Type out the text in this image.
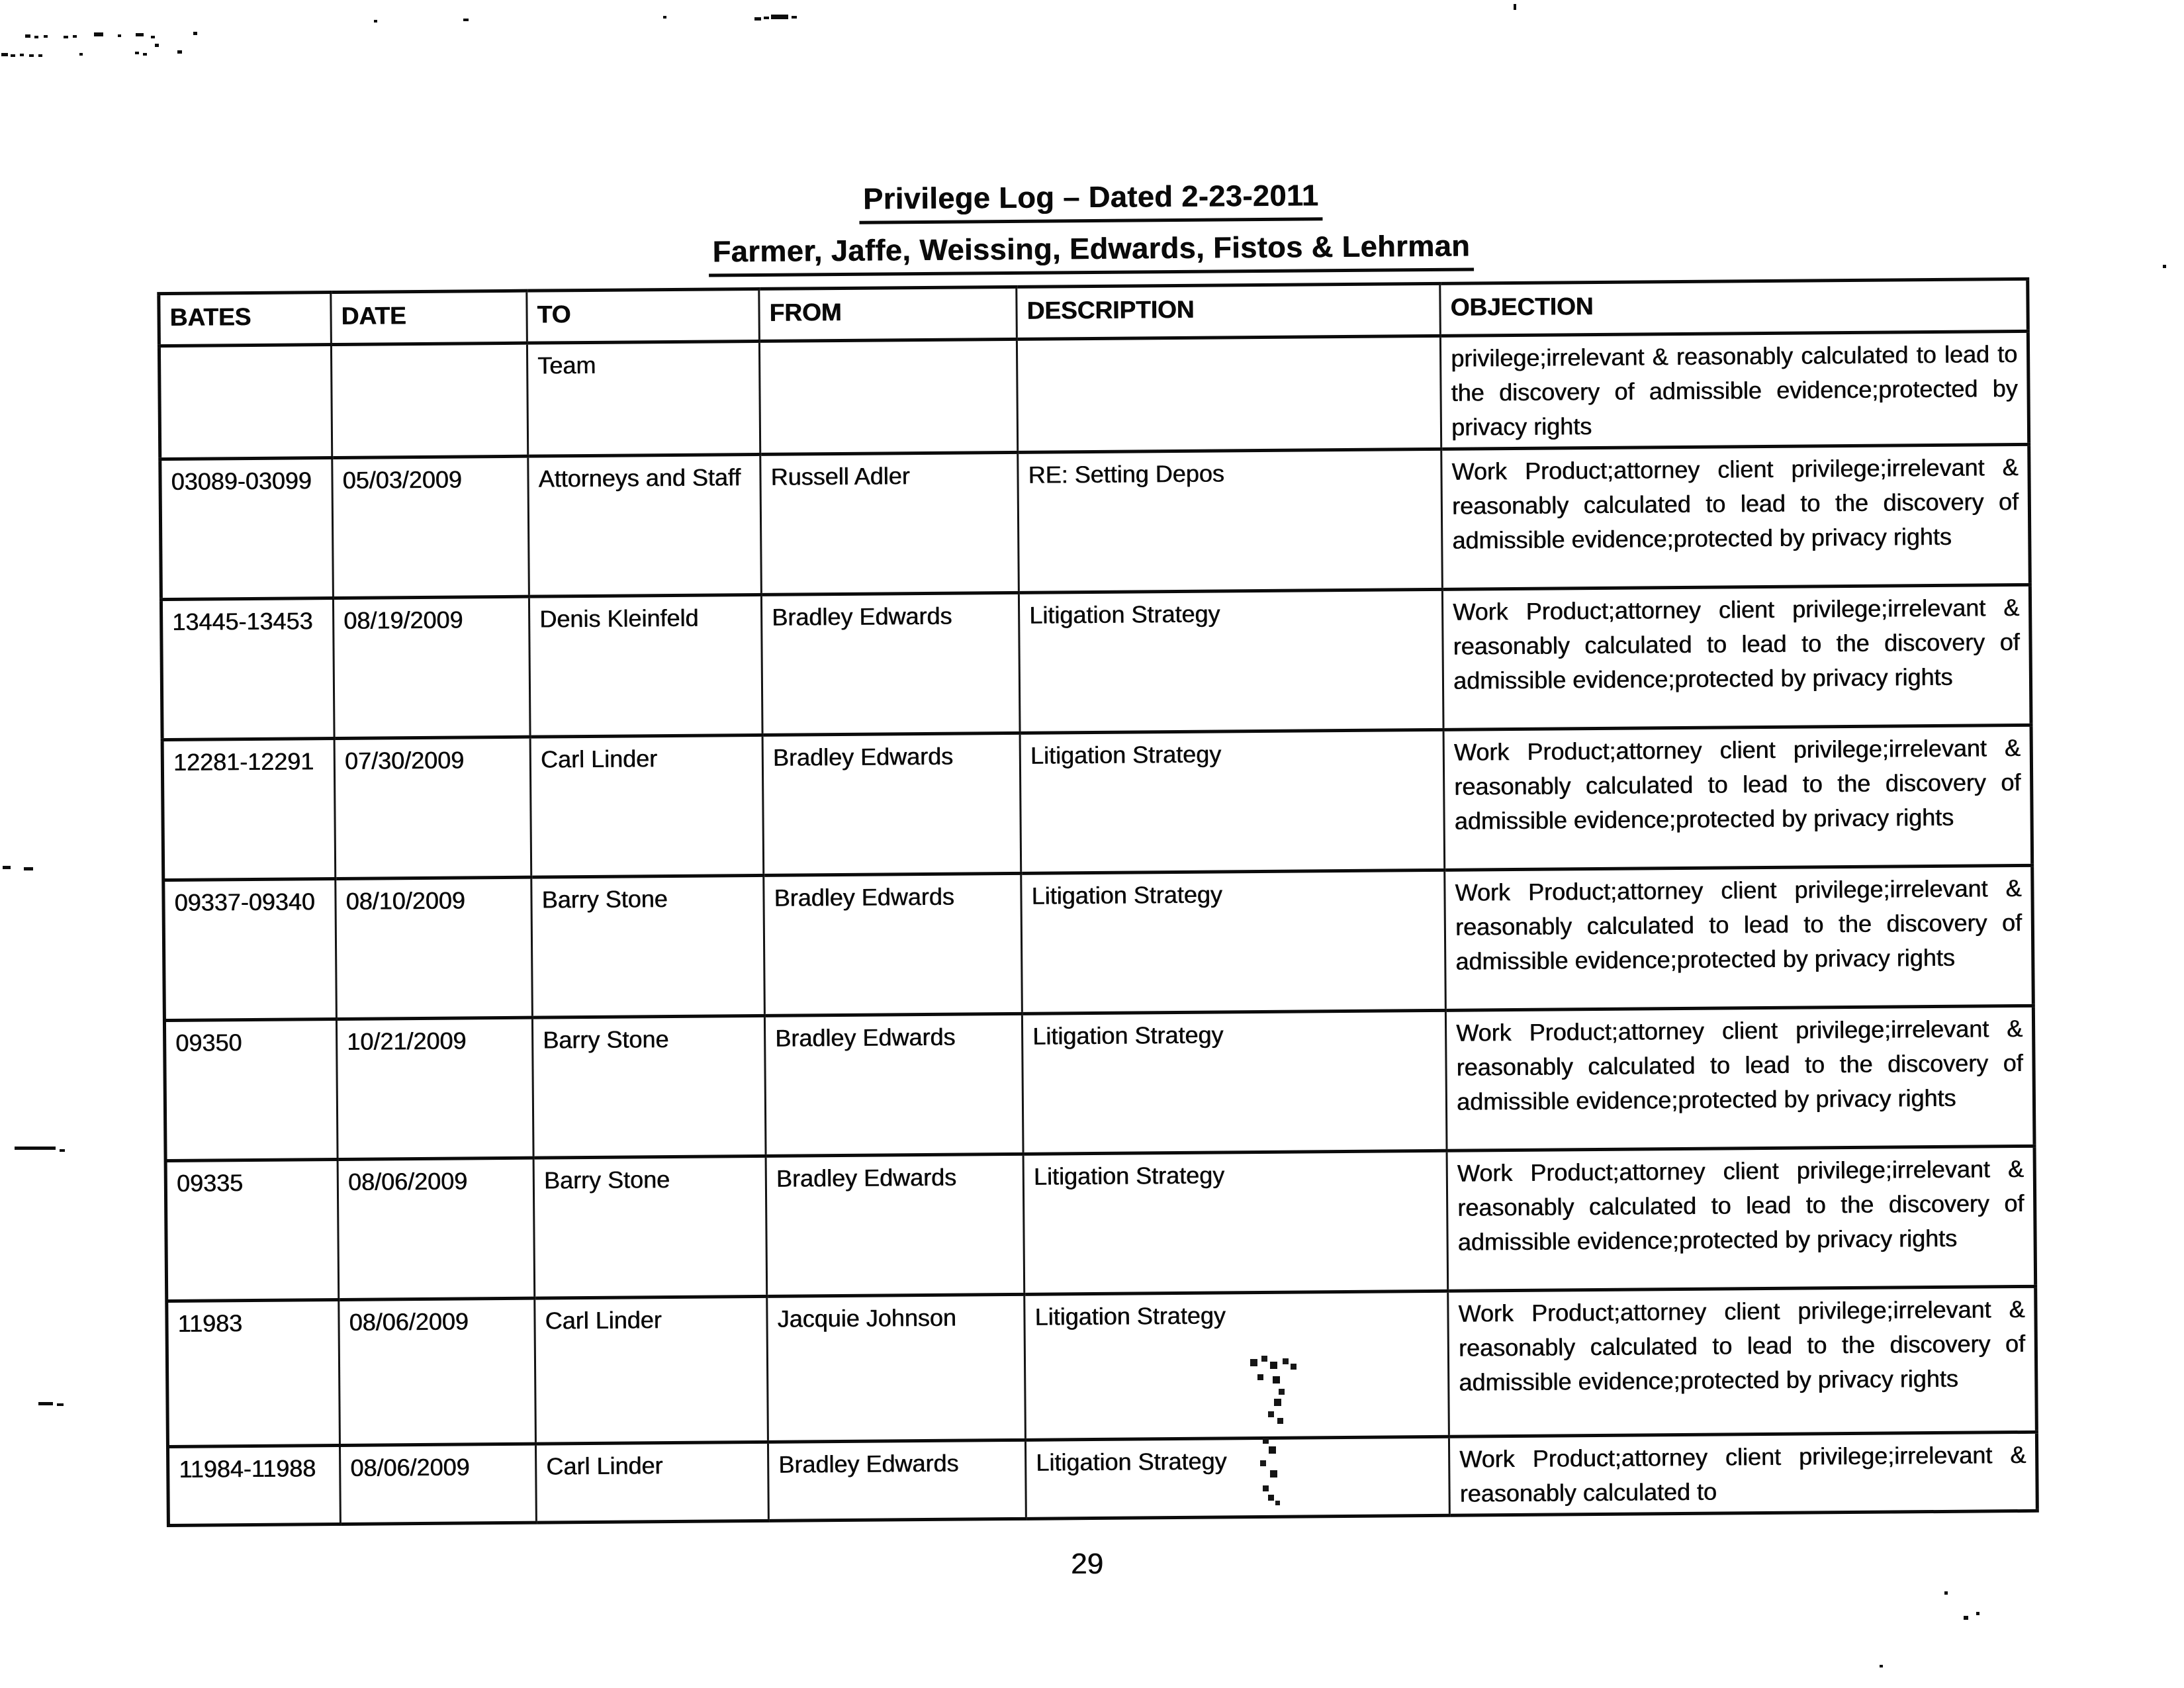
Privilege Log – Dated 2-23-2011
Farmer, Jaffe, Weissing, Edwards, Fistos & Lehrman
BATES	DATE	TO	FROM	DESCRIPTION	OBJECTION
		Team			privilege;irrelevant & reasonably calculated to lead to the discovery of admissible evidence;protected by privacy rights
03089-03099	05/03/2009	Attorneys and Staff	Russell Adler	RE: Setting Depos	Work Product;attorney client privilege;irrelevant & reasonably calculated to lead to the discovery of admissible evidence;protected by privacy rights
13445-13453	08/19/2009	Denis Kleinfeld	Bradley Edwards	Litigation Strategy	Work Product;attorney client privilege;irrelevant & reasonably calculated to lead to the discovery of admissible evidence;protected by privacy rights
12281-12291	07/30/2009	Carl Linder	Bradley Edwards	Litigation Strategy	Work Product;attorney client privilege;irrelevant & reasonably calculated to lead to the discovery of admissible evidence;protected by privacy rights
09337-09340	08/10/2009	Barry Stone	Bradley Edwards	Litigation Strategy	Work Product;attorney client privilege;irrelevant & reasonably calculated to lead to the discovery of admissible evidence;protected by privacy rights
09350	10/21/2009	Barry Stone	Bradley Edwards	Litigation Strategy	Work Product;attorney client privilege;irrelevant & reasonably calculated to lead to the discovery of admissible evidence;protected by privacy rights
09335	08/06/2009	Barry Stone	Bradley Edwards	Litigation Strategy	Work Product;attorney client privilege;irrelevant & reasonably calculated to lead to the discovery of admissible evidence;protected by privacy rights
11983	08/06/2009	Carl Linder	Jacquie Johnson	Litigation Strategy	Work Product;attorney client privilege;irrelevant & reasonably calculated to lead to the discovery of admissible evidence;protected by privacy rights
11984-11988	08/06/2009	Carl Linder	Bradley Edwards	Litigation Strategy	Work Product;attorney client privilege;irrelevant & reasonably calculated to
29
